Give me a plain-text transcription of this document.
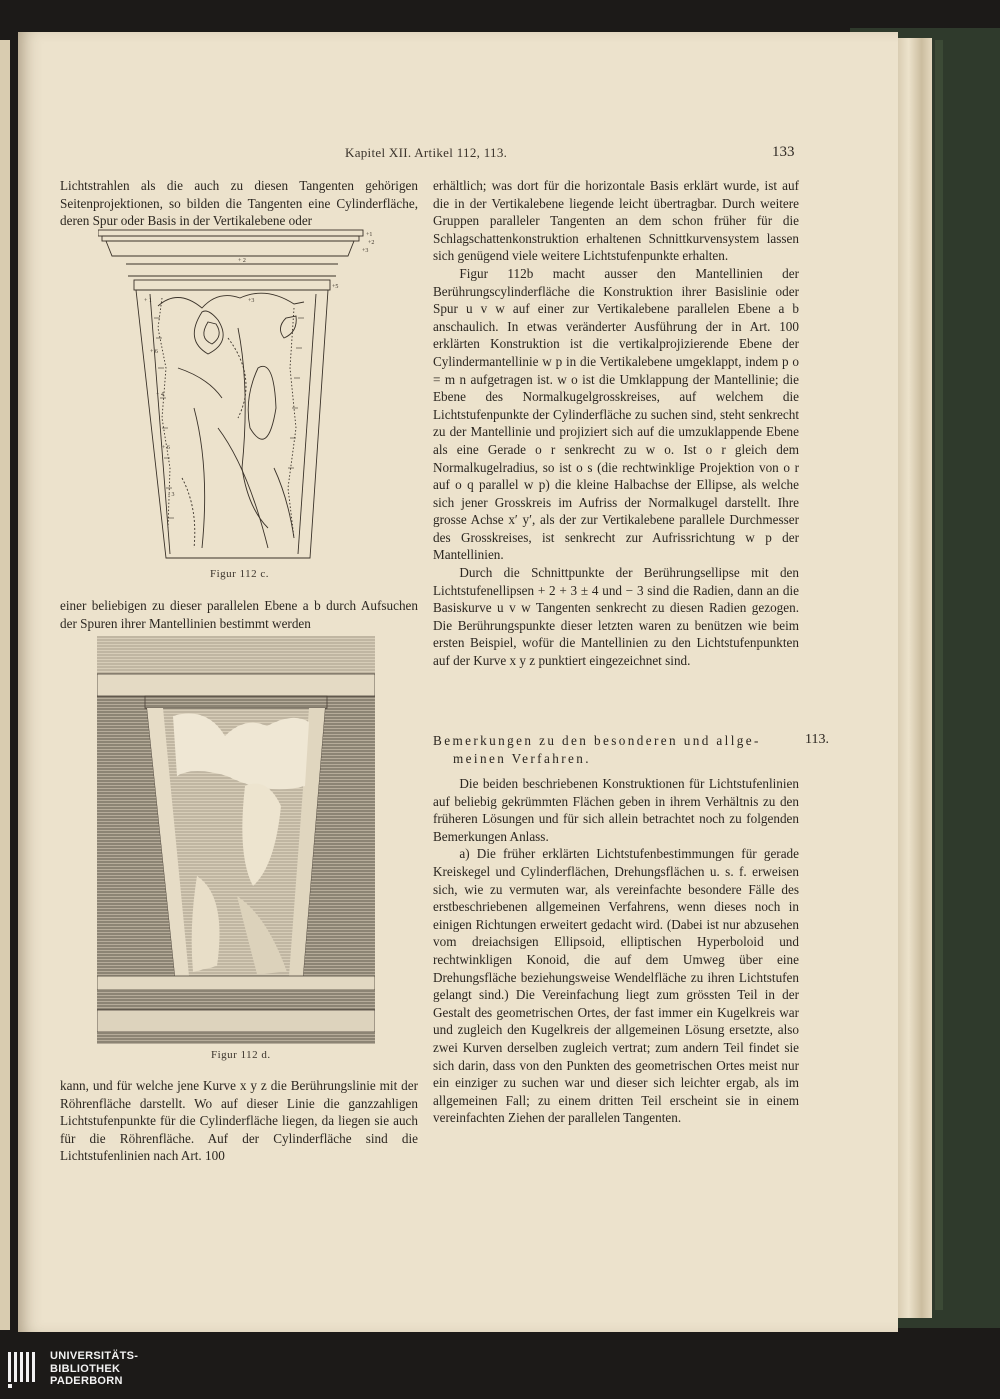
Kapitel XII. Artikel 112, 113.	133

Lichtstrahlen als die auch zu diesen Tangenten gehörigen Seitenprojektionen, so bilden die Tangenten eine Cylinderfläche, deren Spur oder Basis in der Vertikalebene oder

+1
+2
+3
+ 2
+3
+ 1
+ 6
+ 4
+ 6
- 3
+5
Figur 112 c.

einer beliebigen zu dieser parallelen Ebene a b durch Aufsuchen der Spuren ihrer Mantellinien bestimmt werden

Figur 112 d.

kann, und für welche jene Kurve x y z die Berührungslinie mit der Röhrenfläche darstellt. Wo auf dieser Linie die ganzzahligen Lichtstufenpunkte für die Cylinderfläche liegen, da liegen sie auch für die Röhrenfläche. Auf der Cylinderfläche sind die Lichtstufenlinien nach Art. 100

erhältlich; was dort für die horizontale Basis erklärt wurde, ist auf die in der Vertikalebene liegende leicht übertragbar. Durch weitere Gruppen paralleler Tangenten an dem schon früher für die Schlagschattenkonstruktion erhaltenen Schnittkurvensystem lassen sich genügend viele weitere Lichtstufenpunkte erhalten.

Figur 112b macht ausser den Mantellinien der Berührungscylinderfläche die Konstruktion ihrer Basislinie oder Spur u v w auf einer zur Vertikalebene parallelen Ebene a b anschaulich. In etwas veränderter Ausführung der in Art. 100 erklärten Konstruktion ist die vertikalprojizierende Ebene der Cylindermantellinie w p in die Vertikalebene umgeklappt, indem p o = m n aufgetragen ist. w o ist die Umklappung der Mantellinie; die Ebene des Normalkugelgrosskreises, auf welchem die Lichtstufenpunkte der Cylinderfläche zu suchen sind, steht senkrecht zu der Mantellinie und projiziert sich auf die umzuklappende Ebene als eine Gerade o r senkrecht zu w o. Ist o r gleich dem Normalkugelradius, so ist o s (die rechtwinklige Projektion von o r auf o q parallel w p) die kleine Halbachse der Ellipse, als welche sich jener Grosskreis im Aufriss der Normalkugel darstellt. Ihre grosse Achse x′ y′, als der zur Vertikalebene parallele Durchmesser des Grosskreises, ist senkrecht zur Aufrissrichtung w p der Mantellinien.

Durch die Schnittpunkte der Berührungsellipse mit den Lichtstufenellipsen + 2 + 3 ± 4 und − 3 sind die Radien, dann an die Basiskurve u v w Tangenten senkrecht zu diesen Radien gezogen. Die Berührungspunkte dieser letzten waren zu benützen wie beim ersten Beispiel, wofür die Mantellinien zu den Lichtstufenpunkten auf der Kurve x y z punktiert eingezeichnet sind.

Bemerkungen zu den besonderen und allge-
meinen Verfahren.
113.

Die beiden beschriebenen Konstruktionen für Lichtstufenlinien auf beliebig gekrümmten Flächen geben in ihrem Verhältnis zu den früheren Lösungen und für sich allein betrachtet noch zu folgenden Bemerkungen Anlass.

a) Die früher erklärten Lichtstufenbestimmungen für gerade Kreiskegel und Cylinderflächen, Drehungsflächen u. s. f. erweisen sich, wie zu vermuten war, als vereinfachte besondere Fälle des erstbeschriebenen allgemeinen Verfahrens, wenn dieses noch in einigen Richtungen erweitert gedacht wird. (Dabei ist nur abzusehen vom dreiachsigen Ellipsoid, elliptischen Hyperboloid und rechtwinkligen Konoid, die auf dem Umweg über eine Drehungsfläche beziehungsweise Wendelfläche zu ihren Lichtstufen gelangt sind.) Die Vereinfachung liegt zum grössten Teil in der Gestalt des geometrischen Ortes, der fast immer ein Kugelkreis war und zugleich den Kugelkreis der allgemeinen Lösung ersetzte, also zwei Kurven derselben zugleich vertrat; zum andern Teil findet sie sich darin, dass von den Punkten des geometrischen Ortes meist nur ein einziger zu suchen war und dieser sich leichter ergab, als im allgemeinen Fall; zu einem dritten Teil erscheint sie in einem vereinfachten Ziehen der parallelen Tangenten.

UNIVERSITÄTS-
BIBLIOTHEK
PADERBORN
